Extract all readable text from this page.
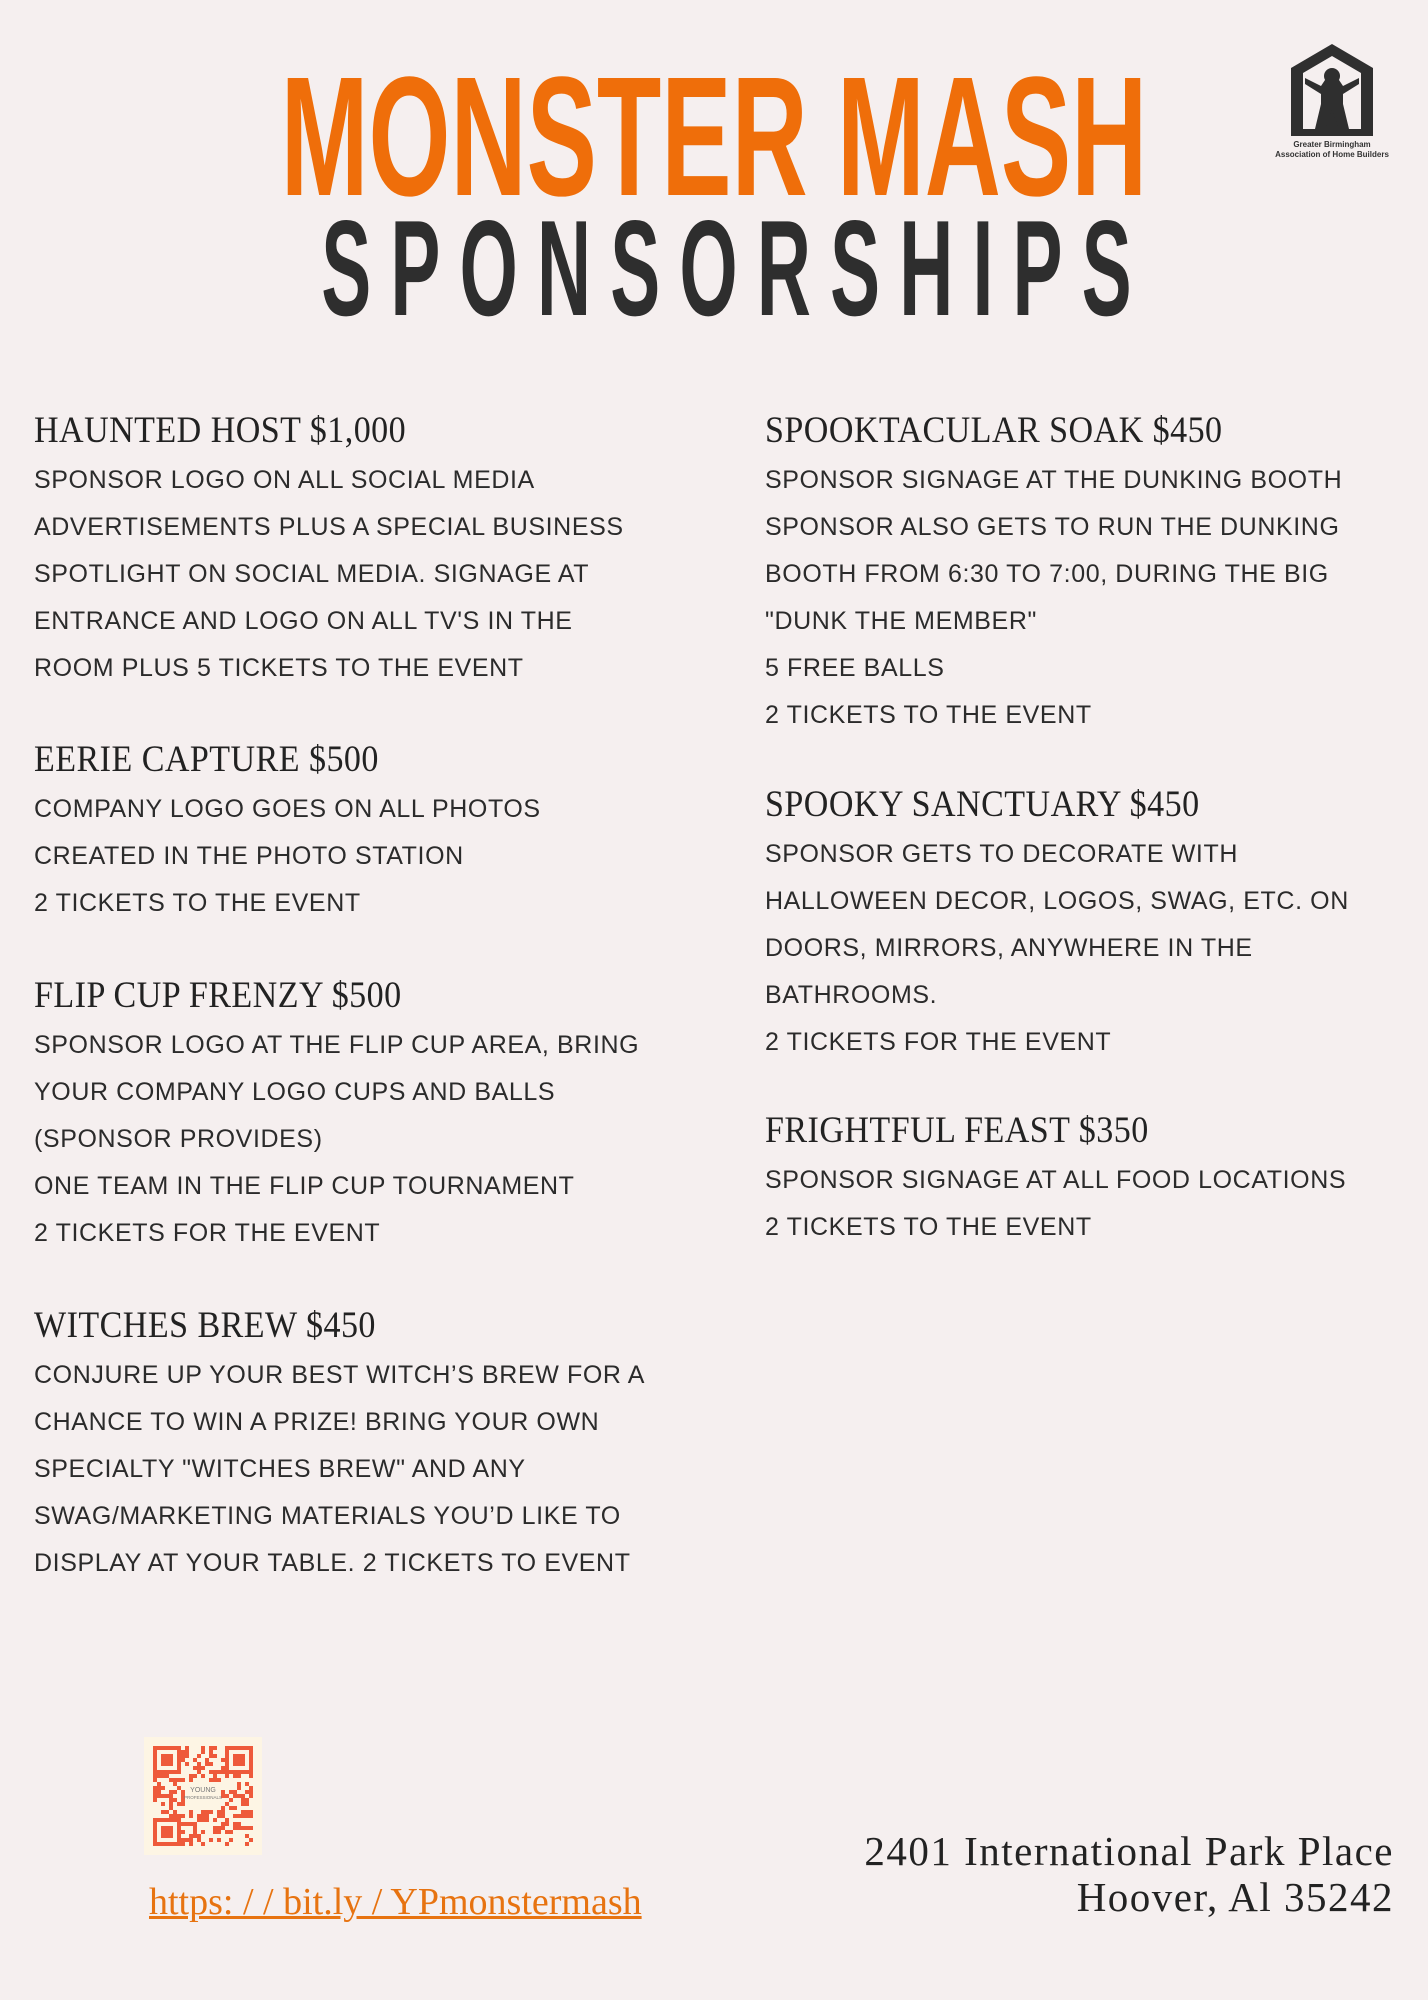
MONSTER MASH
SPONSORSHIPS
Greater Birmingham
Association of Home Builders
HAUNTED HOST $1,000
SPONSOR LOGO ON ALL SOCIAL MEDIA
ADVERTISEMENTS PLUS A SPECIAL BUSINESS
SPOTLIGHT ON SOCIAL MEDIA. SIGNAGE AT
ENTRANCE AND LOGO ON ALL TV'S IN THE
ROOM PLUS 5 TICKETS TO THE EVENT
EERIE CAPTURE $500
COMPANY LOGO GOES ON ALL PHOTOS
CREATED IN THE PHOTO STATION
2 TICKETS TO THE EVENT
FLIP CUP FRENZY $500
SPONSOR LOGO AT THE FLIP CUP AREA, BRING
YOUR COMPANY LOGO CUPS AND BALLS
(SPONSOR PROVIDES)
ONE TEAM IN THE FLIP CUP TOURNAMENT
2 TICKETS FOR THE EVENT
WITCHES BREW $450
CONJURE UP YOUR BEST WITCH’S BREW FOR A
CHANCE TO WIN A PRIZE! BRING YOUR OWN
SPECIALTY "WITCHES BREW" AND ANY
SWAG/MARKETING MATERIALS YOU’D LIKE TO
DISPLAY AT YOUR TABLE. 2 TICKETS TO EVENT
SPOOKTACULAR SOAK $450
SPONSOR SIGNAGE AT THE DUNKING BOOTH
SPONSOR ALSO GETS TO RUN THE DUNKING
BOOTH FROM 6:30 TO 7:00, DURING THE BIG
"DUNK THE MEMBER"
5 FREE BALLS
2 TICKETS TO THE EVENT
SPOOKY SANCTUARY $450
SPONSOR GETS TO DECORATE WITH
HALLOWEEN DECOR, LOGOS, SWAG, ETC. ON
DOORS, MIRRORS, ANYWHERE IN THE
BATHROOMS.
2 TICKETS FOR THE EVENT
FRIGHTFUL FEAST $350
SPONSOR SIGNAGE AT ALL FOOD LOCATIONS
2 TICKETS TO THE EVENT
YOUNG
PROFESSIONALS
https: / / bit.ly / YPmonstermash
2401 International Park Place
Hoover, Al 35242
